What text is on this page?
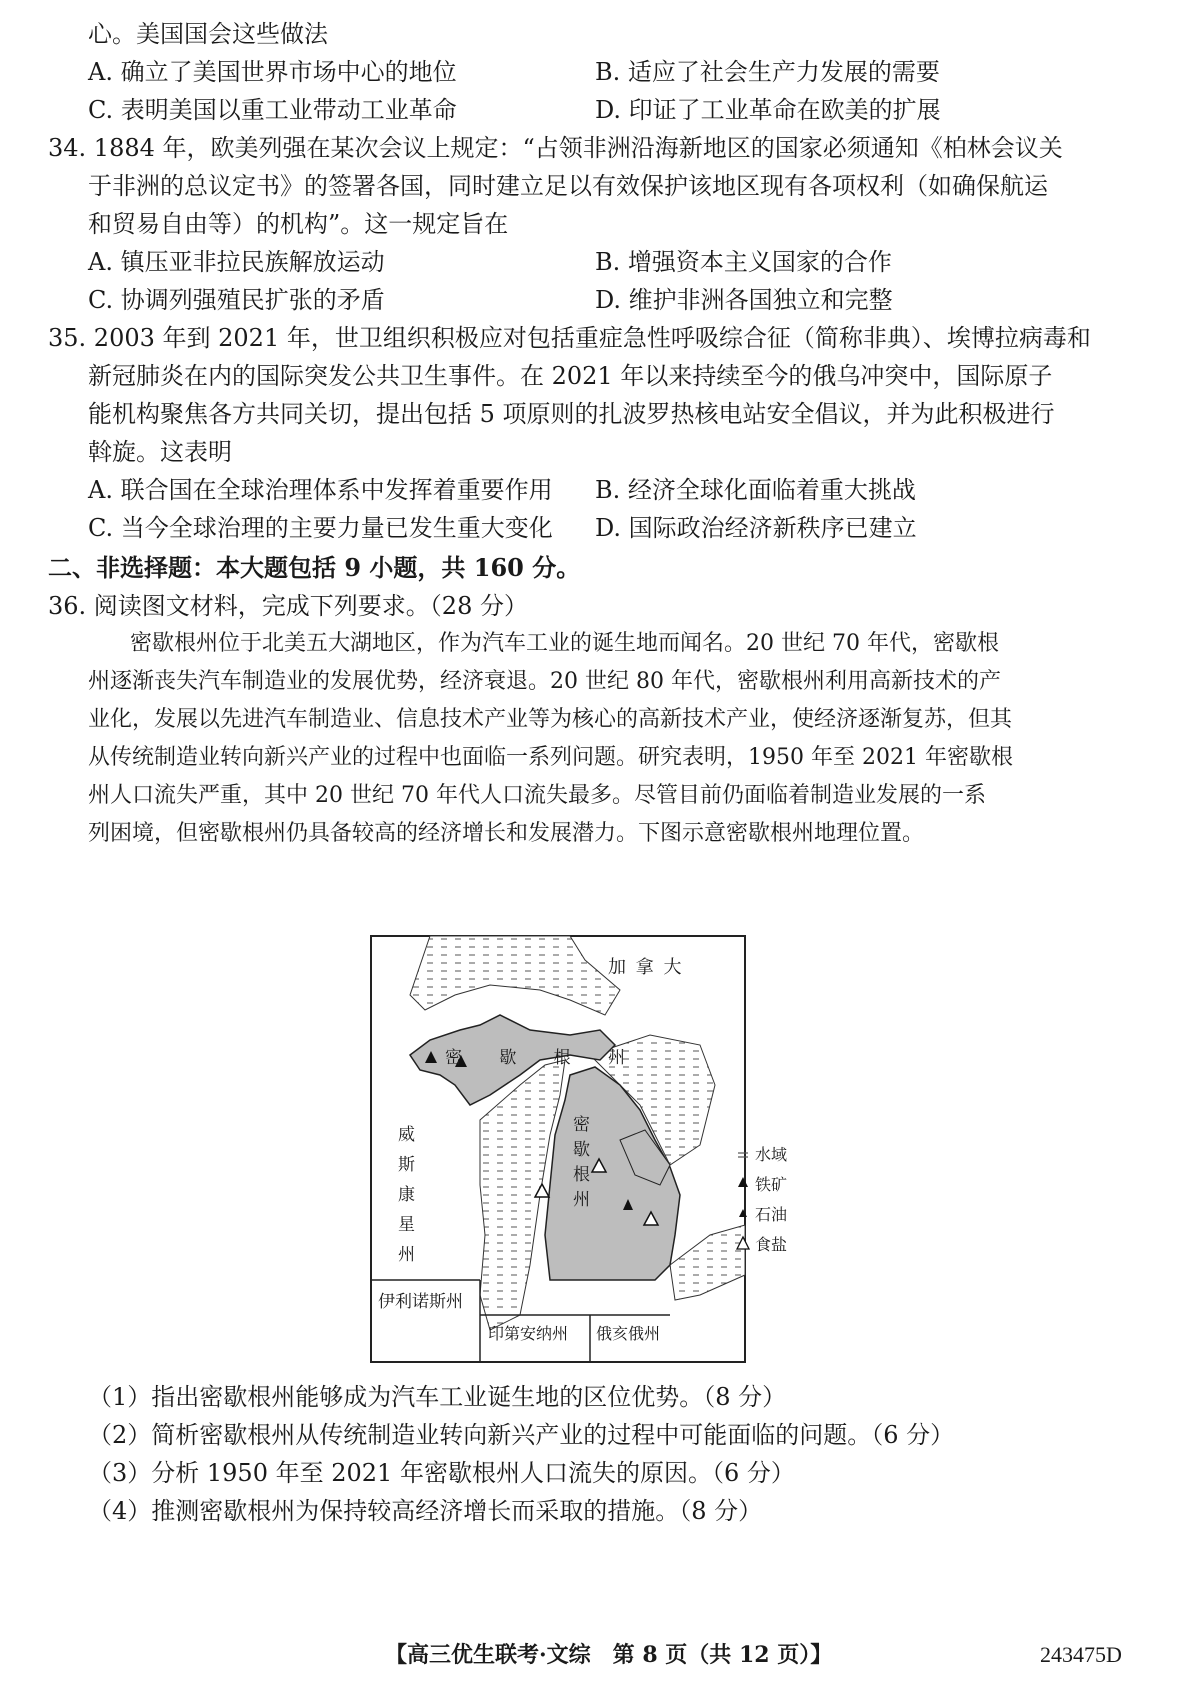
心。美国国会这些做法
A. 确立了美国世界市场中心的地位	B. 适应了社会生产力发展的需要
C. 表明美国以重工业带动工业革命	D. 印证了工业革命在欧美的扩展
34. 1884 年，欧美列强在某次会议上规定：“占领非洲沿海新地区的国家必须通知《柏林会议关
于非洲的总议定书》的签署各国，同时建立足以有效保护该地区现有各项权利（如确保航运
和贸易自由等）的机构”。这一规定旨在
A. 镇压亚非拉民族解放运动	B. 增强资本主义国家的合作
C. 协调列强殖民扩张的矛盾	D. 维护非洲各国独立和完整
35. 2003 年到 2021 年，世卫组织积极应对包括重症急性呼吸综合征（简称非典）、埃博拉病毒和
新冠肺炎在内的国际突发公共卫生事件。在 2021 年以来持续至今的俄乌冲突中，国际原子
能机构聚焦各方共同关切，提出包括 5 项原则的扎波罗热核电站安全倡议，并为此积极进行
斡旋。这表明
A. 联合国在全球治理体系中发挥着重要作用 B. 经济全球化面临着重大挑战
C. 当今全球治理的主要力量已发生重大变化 D. 国际政治经济新秩序已建立
二、非选择题：本大题包括 9 小题，共 160 分。
36. 阅读图文材料，完成下列要求。（28 分）
密歇根州位于北美五大湖地区，作为汽车工业的诞生地而闻名。20 世纪 70 年代，密歇根
州逐渐丧失汽车制造业的发展优势，经济衰退。20 世纪 80 年代，密歇根州利用高新技术的产
业化，发展以先进汽车制造业、信息技术产业等为核心的高新技术产业，使经济逐渐复苏，但其
从传统制造业转向新兴产业的过程中也面临一系列问题。研究表明，1950 年至 2021 年密歇根
州人口流失严重，其中 20 世纪 70 年代人口流失最多。尽管目前仍面临着制造业发展的一系
列困境，但密歇根州仍具备较高的经济增长和发展潜力。下图示意密歇根州地理位置。
加 拿 大
密 歇 根 州
威
斯
康
星
州
密
歇
根
州
伊利诺斯州
印第安纳州 俄亥俄州
水域
铁矿
石油
食盐
（1）指出密歇根州能够成为汽车工业诞生地的区位优势。（8 分）
（2）简析密歇根州从传统制造业转向新兴产业的过程中可能面临的问题。（6 分）
（3）分析 1950 年至 2021 年密歇根州人口流失的原因。（6 分）
（4）推测密歇根州为保持较高经济增长而采取的措施。（8 分）
【高三优生联考·文综　第 8 页（共 12 页）】	243475D
